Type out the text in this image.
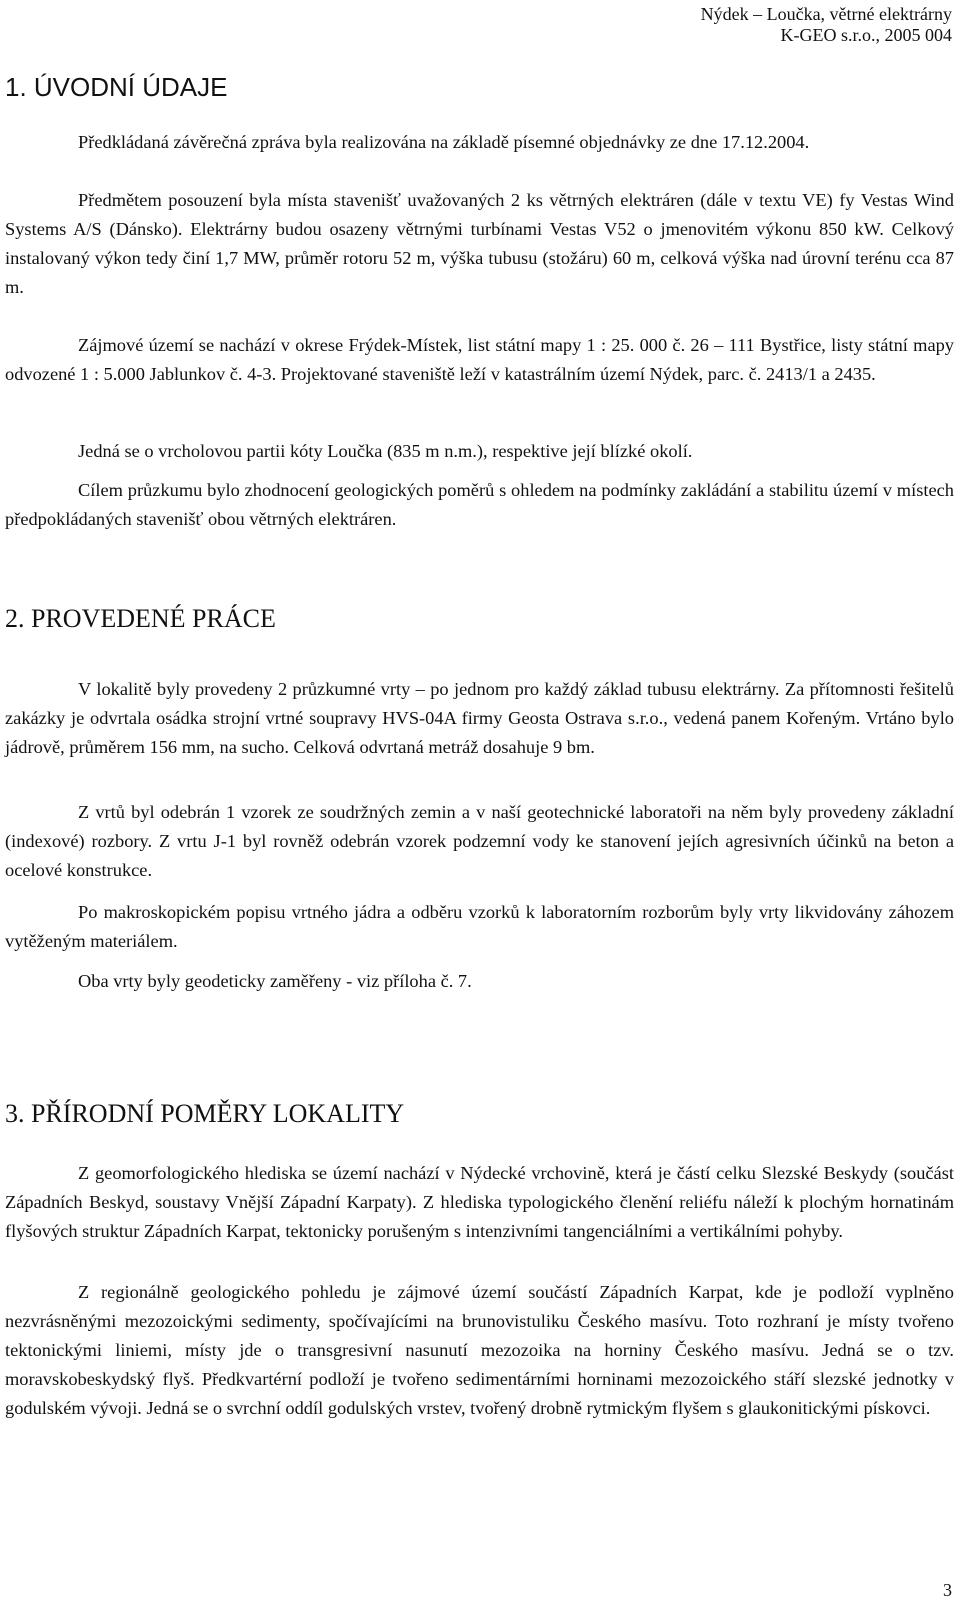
Nýdek – Loučka, větrné elektrárny
K-GEO s.r.o., 2005 004
1. ÚVODNÍ ÚDAJE

Předkládaná závěrečná zpráva byla realizována na základě písemné objednávky ze dne 17.12.2004.

Předmětem posouzení byla místa stavenišť uvažovaných 2 ks větrných elektráren (dále v textu VE) fy Vestas Wind Systems A/S (Dánsko). Elektrárny budou osazeny větrnými turbínami Vestas V52 o jmenovitém výkonu 850 kW. Celkový instalovaný výkon tedy činí 1,7 MW, průměr rotoru 52 m, výška tubusu (stožáru) 60 m, celková výška nad úrovní terénu cca 87 m.

Zájmové území se nachází v okrese Frýdek-Místek, list státní mapy 1 : 25. 000 č. 26 – 111 Bystřice, listy státní mapy odvozené 1 : 5.000 Jablunkov č. 4-3. Projektované staveniště leží v katastrálním území Nýdek, parc. č. 2413/1 a 2435.

Jedná se o vrcholovou partii kóty Loučka (835 m n.m.), respektive její blízké okolí.

Cílem průzkumu bylo zhodnocení geologických poměrů s ohledem na podmínky zakládání a stabilitu území v místech předpokládaných stavenišť obou větrných elektráren.

2. PROVEDENÉ PRÁCE

V lokalitě byly provedeny 2 průzkumné vrty – po jednom pro každý základ tubusu elektrárny. Za přítomnosti řešitelů zakázky je odvrtala osádka strojní vrtné soupravy HVS-04A firmy Geosta Ostrava s.r.o., vedená panem Kořeným. Vrtáno bylo jádrově, průměrem 156 mm, na sucho. Celková odvrtaná metráž dosahuje 9 bm.

Z vrtů byl odebrán 1 vzorek ze soudržných zemin a v naší geotechnické laboratoři na něm byly provedeny základní (indexové) rozbory. Z vrtu J-1 byl rovněž odebrán vzorek podzemní vody ke stanovení jejích agresivních účinků na beton a ocelové konstrukce.

Po makroskopickém popisu vrtného jádra a odběru vzorků k laboratorním rozborům byly vrty likvidovány záhozem vytěženým materiálem.

Oba vrty byly geodeticky zaměřeny - viz příloha č. 7.

3. PŘÍRODNÍ POMĚRY LOKALITY

Z geomorfologického hlediska se území nachází v Nýdecké vrchovině, která je částí celku Slezské Beskydy (součást Západních Beskyd, soustavy Vnější Západní Karpaty). Z hlediska typologického členění reliéfu náleží k plochým hornatinám flyšových struktur Západních Karpat, tektonicky porušeným s intenzivními tangenciálními a vertikálními pohyby.

Z regionálně geologického pohledu je zájmové území součástí Západních Karpat, kde je podloží vyplněno nezvrásněnými mezozoickými sedimenty, spočívajícími na brunovistuliku Českého masívu. Toto rozhraní je místy tvořeno tektonickými liniemi, místy jde o transgresivní nasunutí mezozoika na horniny Českého masívu. Jedná se o tzv. moravskobeskydský flyš. Předkvartérní podloží je tvořeno sedimentárními horninami mezozoického stáří slezské jednotky v godulském vývoji. Jedná se o svrchní oddíl godulských vrstev, tvořený drobně rytmickým flyšem s glaukonitickými pískovci.

3
